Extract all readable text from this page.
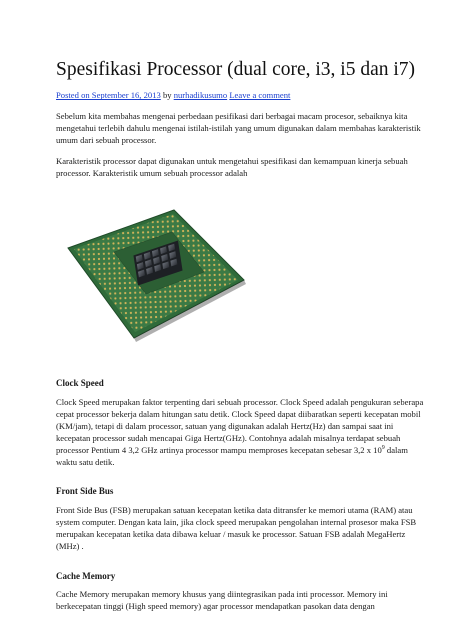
Spesifikasi Processor (dual core, i3, i5 dan i7)
Posted on September 16, 2013 by nurhadikusumo Leave a comment

Sebelum kita membahas mengenai perbedaan pesifikasi dari berbagai macam procesor, sebaiknya kita mengetahui terlebih dahulu mengenai istilah-istilah yang umum digunakan dalam membahas karakteristik umum dari sebuah processor.

Karakteristik processor dapat digunakan untuk mengetahui spesifikasi dan kemampuan kinerja sebuah processor. Karakteristik umum sebuah processor adalah

Clock Speed

Clock Speed merupakan faktor terpenting dari sebuah processor. Clock Speed adalah pengukuran seberapa cepat processor bekerja dalam hitungan satu detik. Clock Speed dapat diibaratkan seperti kecepatan mobil (KM/jam), tetapi di dalam processor, satuan yang digunakan adalah Hertz(Hz) dan sampai saat ini kecepatan processor sudah mencapai Giga Hertz(GHz). Contohnya adalah misalnya terdapat sebuah processor Pentium 4 3,2 GHz artinya processor mampu memproses kecepatan sebesar 3,2 x $10^9$ dalam waktu satu detik.

Front Side Bus

Front Side Bus (FSB) merupakan satuan kecepatan ketika data ditransfer ke memori utama (RAM) atau system computer. Dengan kata lain, jika clock speed merupakan pengolahan internal prosesor maka FSB merupakan kecepatan ketika data dibawa keluar / masuk ke processor. Satuan FSB adalah MegaHertz (MHz) .

Cache Memory

Cache Memory merupakan memory khusus yang diintegrasikan pada inti processor. Memory ini berkecepatan tinggi (High speed memory) agar processor mendapatkan pasokan data dengan
